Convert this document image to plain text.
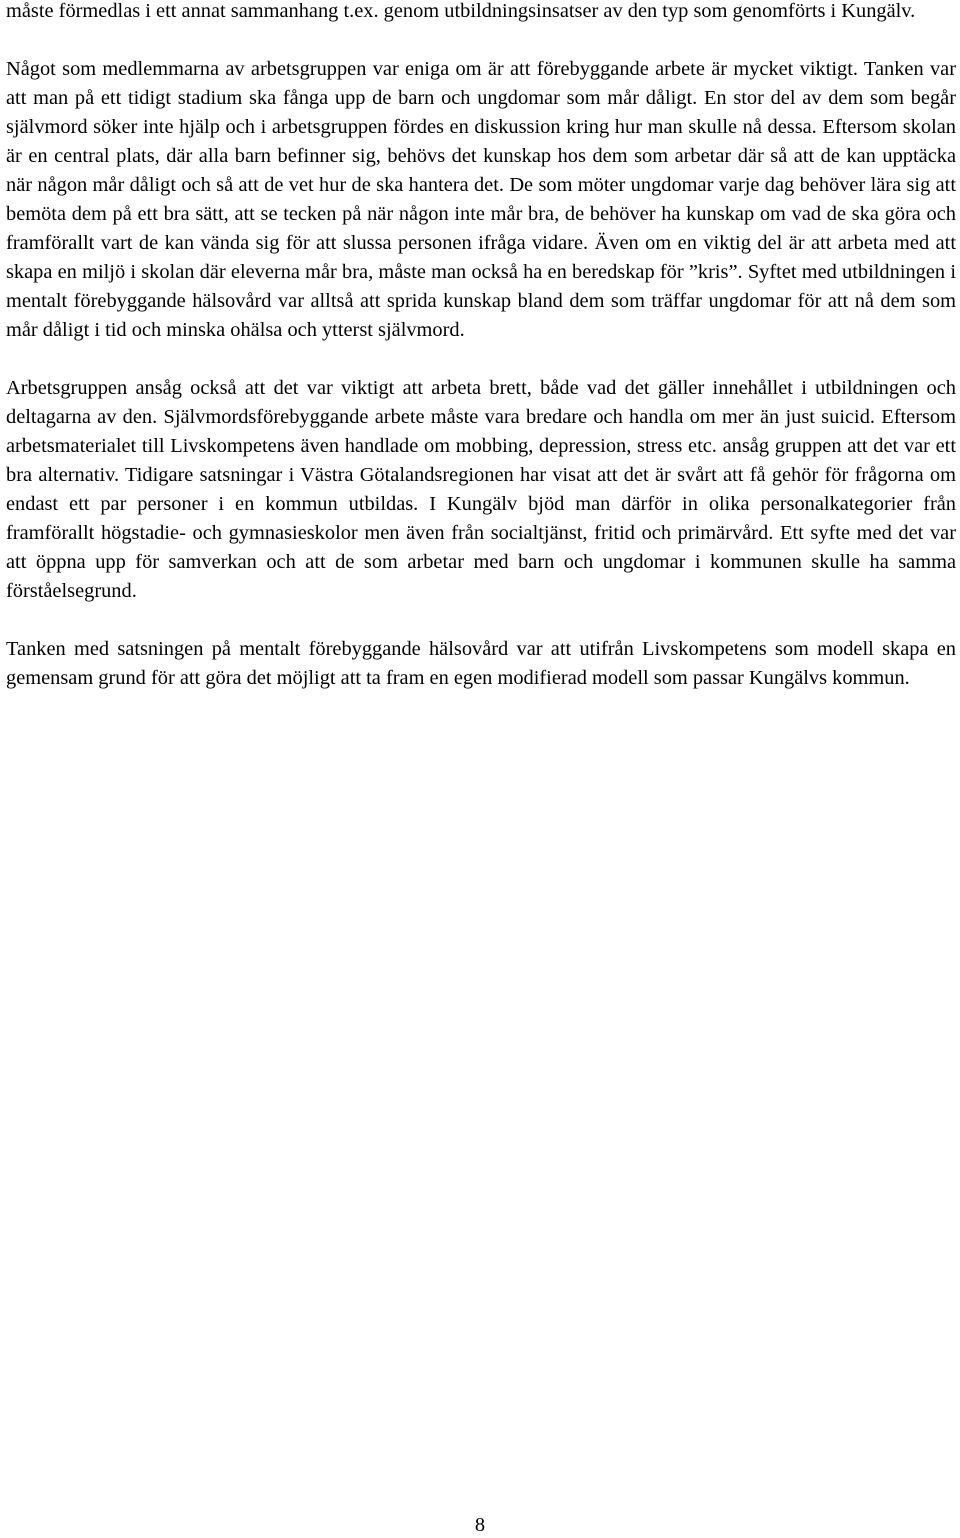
måste förmedlas i ett annat sammanhang t.ex. genom utbildningsinsatser av den typ som genomförts i Kungälv.

Något som medlemmarna av arbetsgruppen var eniga om är att förebyggande arbete är mycket viktigt. Tanken var att man på ett tidigt stadium ska fånga upp de barn och ungdomar som mår dåligt. En stor del av dem som begår självmord söker inte hjälp och i arbetsgruppen fördes en diskussion kring hur man skulle nå dessa. Eftersom skolan är en central plats, där alla barn befinner sig, behövs det kunskap hos dem som arbetar där så att de kan upptäcka när någon mår dåligt och så att de vet hur de ska hantera det. De som möter ungdomar varje dag behöver lära sig att bemöta dem på ett bra sätt, att se tecken på när någon inte mår bra, de behöver ha kunskap om vad de ska göra och framförallt vart de kan vända sig för att slussa personen ifråga vidare. Även om en viktig del är att arbeta med att skapa en miljö i skolan där eleverna mår bra, måste man också ha en beredskap för ”kris”. Syftet med utbildningen i mentalt förebyggande hälsovård var alltså att sprida kunskap bland dem som träffar ungdomar för att nå dem som mår dåligt i tid och minska ohälsa och ytterst självmord.

Arbetsgruppen ansåg också att det var viktigt att arbeta brett, både vad det gäller innehållet i utbildningen och deltagarna av den. Självmordsförebyggande arbete måste vara bredare och handla om mer än just suicid. Eftersom arbetsmaterialet till Livskompetens även handlade om mobbing, depression, stress etc. ansåg gruppen att det var ett bra alternativ. Tidigare satsningar i Västra Götalandsregionen har visat att det är svårt att få gehör för frågorna om endast ett par personer i en kommun utbildas. I Kungälv bjöd man därför in olika personalkategorier från framförallt högstadie- och gymnasieskolor men även från socialtjänst, fritid och primärvård. Ett syfte med det var att öppna upp för samverkan och att de som arbetar med barn och ungdomar i kommunen skulle ha samma förståelsegrund.

Tanken med satsningen på mentalt förebyggande hälsovård var att utifrån Livskompetens som modell skapa en gemensam grund för att göra det möjligt att ta fram en egen modifierad modell som passar Kungälvs kommun.

8
